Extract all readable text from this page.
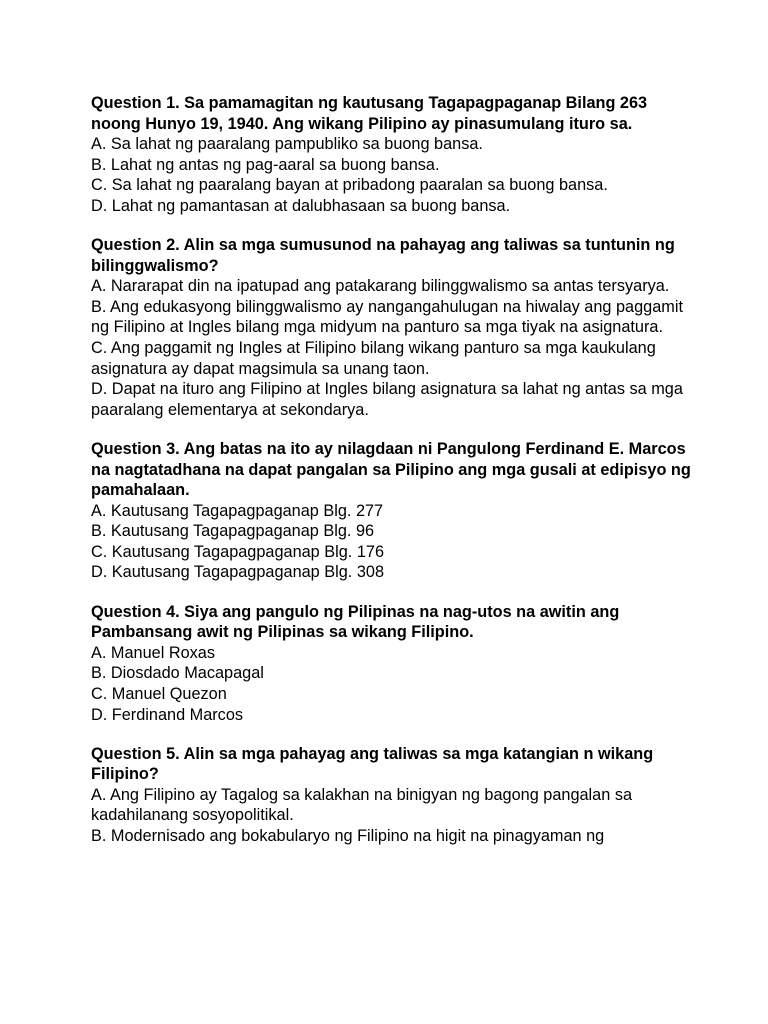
Question 1. Sa pamamagitan ng kautusang Tagapagpaganap Bilang 263 noong Hunyo 19, 1940. Ang wikang Pilipino ay pinasumulang ituro sa.

A. Sa lahat ng paaralang pampubliko sa buong bansa.

B. Lahat ng antas ng pag-aaral sa buong bansa.

C. Sa lahat ng paaralang bayan at pribadong paaralan sa buong bansa.

D. Lahat ng pamantasan at dalubhasaan sa buong bansa.

Question 2. Alin sa mga sumusunod na pahayag ang taliwas sa tuntunin ng bilinggwalismo?

A. Nararapat din na ipatupad ang patakarang bilinggwalismo sa antas tersyarya.

B. Ang edukasyong bilinggwalismo ay nangangahulugan na hiwalay ang paggamit ng Filipino at Ingles bilang mga midyum na panturo sa mga tiyak na asignatura.

C. Ang paggamit ng Ingles at Filipino bilang wikang panturo sa mga kaukulang asignatura ay dapat magsimula sa unang taon.

D. Dapat na ituro ang Filipino at Ingles bilang asignatura sa lahat ng antas sa mga paaralang elementarya at sekondarya.

Question 3. Ang batas na ito ay nilagdaan ni Pangulong Ferdinand E. Marcos na nagtatadhana na dapat pangalan sa Pilipino ang mga gusali at edipisyo ng pamahalaan.

A. Kautusang Tagapagpaganap Blg. 277

B. Kautusang Tagapagpaganap Blg. 96

C. Kautusang Tagapagpaganap Blg. 176

D. Kautusang Tagapagpaganap Blg. 308

Question 4. Siya ang pangulo ng Pilipinas na nag-utos na awitin ang Pambansang awit ng Pilipinas sa wikang Filipino.

A. Manuel Roxas

B. Diosdado Macapagal

C. Manuel Quezon

D. Ferdinand Marcos

Question 5. Alin sa mga pahayag ang taliwas sa mga katangian n wikang Filipino?

A. Ang Filipino ay Tagalog sa kalakhan na binigyan ng bagong pangalan sa kadahilanang sosyopolitikal.

B. Modernisado ang bokabularyo ng Filipino na higit na pinagyaman ng
